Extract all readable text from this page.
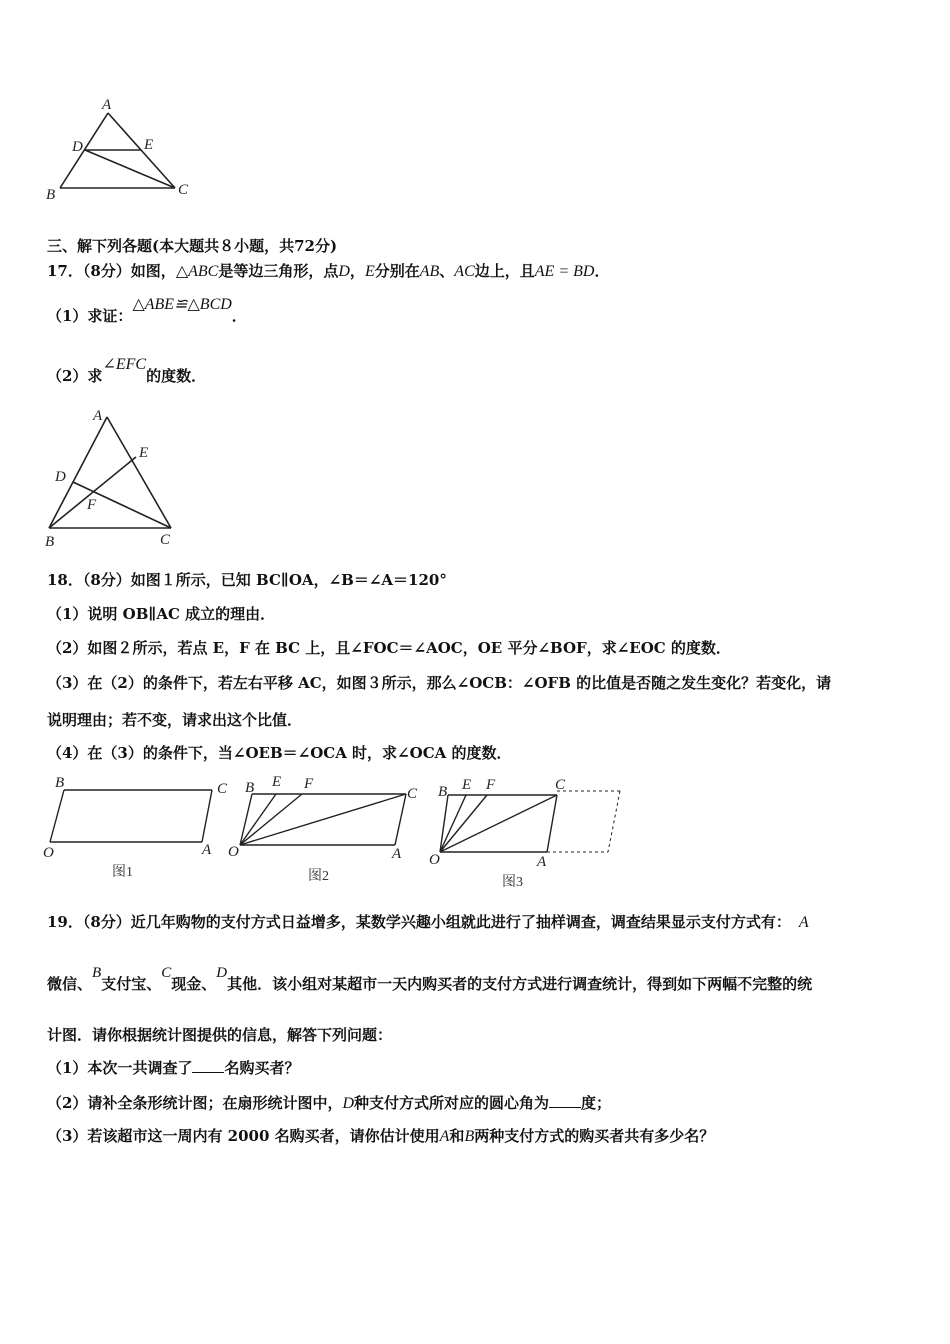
A
D	E
B	C
三、解下列各题(本大题共８小题，共72分)
17．（8分）如图，△ABC是等边三角形，点D，E分别在AB、AC边上，且AE = BD．
（1）求证：△ABE≌△BCD．
（2）求∠EFC的度数．
A
E
D
F
B	C
18．（8分）如图１所示，已知 BC∥OA，∠B＝∠A＝120°
（1）说明 OB∥AC 成立的理由．
（2）如图２所示，若点 E，F 在 BC 上，且∠FOC＝∠AOC，OE 平分∠BOF，求∠EOC 的度数．
（3）在（2）的条件下，若左右平移 AC，如图３所示，那么∠OCB：∠OFB 的比值是否随之发生变化？若变化，请
说明理由；若不变，请求出这个比值．
（4）在（3）的条件下，当∠OEB＝∠OCA 时，求∠OCA 的度数．
B	C
O	A
图1
B E F
C
O	A
图2
B E F	C
O	A
图3
19．（8分）近几年购物的支付方式日益增多，某数学兴趣小组就此进行了抽样调查，调查结果显示支付方式有： A
微信、B支付宝、C现金、D其他．该小组对某超市一天内购买者的支付方式进行调查统计，得到如下两幅不完整的统
计图．请你根据统计图提供的信息，解答下列问题：
（1）本次一共调查了 名购买者？
（2）请补全条形统计图；在扇形统计图中，D种支付方式所对应的圆心角为 度；
（3）若该超市这一周内有 2000 名购买者，请你估计使用A和B两种支付方式的购买者共有多少名？
